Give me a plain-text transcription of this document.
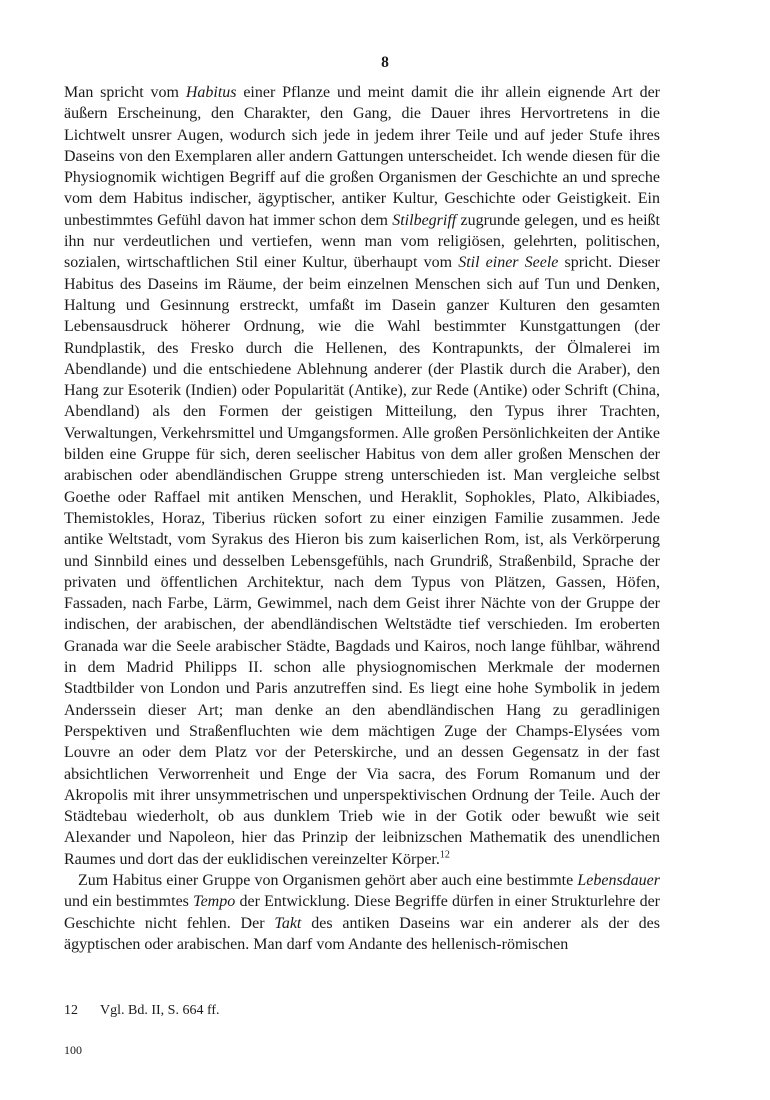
8

Man spricht vom Habitus einer Pflanze und meint damit die ihr allein eignende Art der äußern Erscheinung, den Charakter, den Gang, die Dauer ihres Hervortretens in die Lichtwelt unsrer Augen, wodurch sich jede in jedem ihrer Teile und auf jeder Stufe ihres Daseins von den Exemplaren aller andern Gattungen unterscheidet. Ich wende diesen für die Physiognomik wichtigen Begriff auf die großen Organismen der Geschichte an und spreche vom dem Habitus indischer, ägyptischer, antiker Kultur, Geschichte oder Geistigkeit. Ein unbestimmtes Gefühl davon hat immer schon dem Stilbegriff zugrunde gelegen, und es heißt ihn nur verdeutlichen und vertiefen, wenn man vom religiösen, gelehrten, politischen, sozialen, wirtschaftlichen Stil einer Kultur, überhaupt vom Stil einer Seele spricht. Dieser Habitus des Daseins im Räume, der beim einzelnen Menschen sich auf Tun und Denken, Haltung und Gesinnung erstreckt, umfaßt im Dasein ganzer Kulturen den gesamten Lebensausdruck höherer Ordnung, wie die Wahl bestimmter Kunstgattungen (der Rundplastik, des Fresko durch die Hellenen, des Kontrapunkts, der Ölmalerei im Abendlande) und die entschiedene Ablehnung anderer (der Plastik durch die Araber), den Hang zur Esoterik (Indien) oder Popularität (Antike), zur Rede (Antike) oder Schrift (China, Abendland) als den Formen der geistigen Mitteilung, den Typus ihrer Trachten, Verwaltungen, Verkehrsmittel und Umgangsformen. Alle großen Persönlichkeiten der Antike bilden eine Gruppe für sich, deren seelischer Habitus von dem aller großen Menschen der arabischen oder abendländischen Gruppe streng unterschieden ist. Man vergleiche selbst Goethe oder Raffael mit antiken Menschen, und Heraklit, Sophokles, Plato, Alkibiades, Themistokles, Horaz, Tiberius rücken sofort zu einer einzigen Familie zusammen. Jede antike Weltstadt, vom Syrakus des Hieron bis zum kaiserlichen Rom, ist, als Verkörperung und Sinnbild eines und desselben Lebensgefühls, nach Grundriß, Straßenbild, Sprache der privaten und öffentlichen Architektur, nach dem Typus von Plätzen, Gassen, Höfen, Fassaden, nach Farbe, Lärm, Gewimmel, nach dem Geist ihrer Nächte von der Gruppe der indischen, der arabischen, der abendländischen Weltstädte tief verschieden. Im eroberten Granada war die Seele arabischer Städte, Bagdads und Kairos, noch lange fühlbar, während in dem Madrid Philipps II. schon alle physiognomischen Merkmale der modernen Stadtbilder von London und Paris anzutreffen sind. Es liegt eine hohe Symbolik in jedem Anderssein dieser Art; man denke an den abendländischen Hang zu geradlinigen Perspektiven und Straßenfluchten wie dem mächtigen Zuge der Champs-Elysées vom Louvre an oder dem Platz vor der Peterskirche, und an dessen Gegensatz in der fast absichtlichen Verworrenheit und Enge der Via sacra, des Forum Romanum und der Akropolis mit ihrer unsymmetrischen und unperspektivischen Ordnung der Teile. Auch der Städtebau wiederholt, ob aus dunklem Trieb wie in der Gotik oder bewußt wie seit Alexander und Napoleon, hier das Prinzip der leibnizschen Mathematik des unendlichen Raumes und dort das der euklidischen vereinzelter Körper.$^{12}$

Zum Habitus einer Gruppe von Organismen gehört aber auch eine bestimmte Lebensdauer und ein bestimmtes Tempo der Entwicklung. Diese Begriffe dürfen in einer Strukturlehre der Geschichte nicht fehlen. Der Takt des antiken Daseins war ein anderer als der des ägyptischen oder arabischen. Man darf vom Andante des hellenisch-römischen

12 Vgl. Bd. II, S. 664 ff.
100
